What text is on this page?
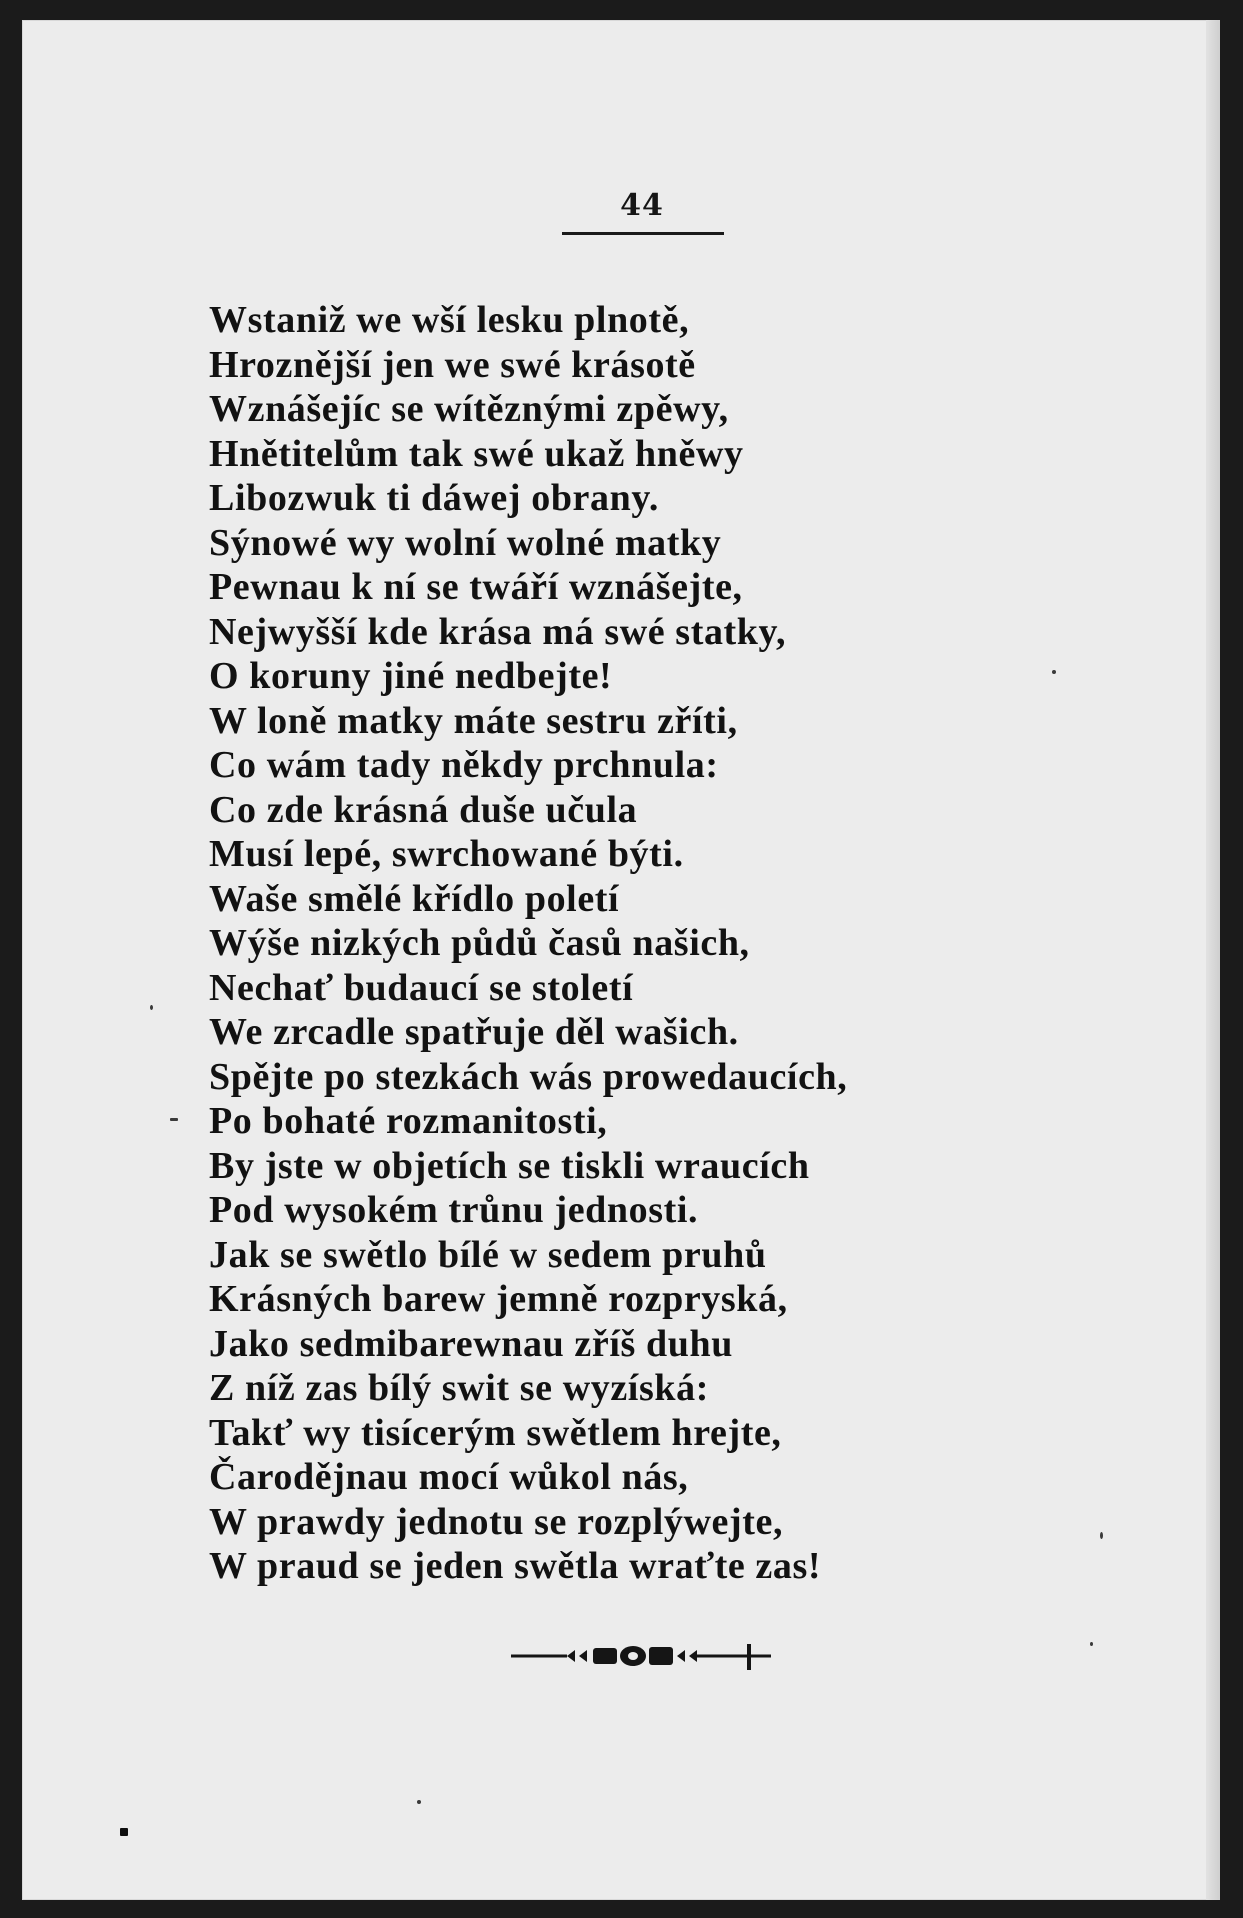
44
Wstaniž we wší lesku plnotě,
Hroznější jen we swé krásotě
Wznášejíc se wítěznými zpěwy,
Hnětitelům tak swé ukaž hněwy
Libozwuk ti dáwej obrany.
Sýnowé wy wolní wolné matky
Pewnau k ní se twáří wznášejte,
Nejwyšší kde krása má swé statky,
O koruny jiné nedbejte!
W loně matky máte sestru zříti,
Co wám tady někdy prchnula:
Co zde krásná duše učula
Musí lepé, swrchowané býti.
Waše smělé křídlo poletí
Wýše nizkých půdů časů našich,
Nechať budaucí se století
We zrcadle spatřuje děl wašich.
Spějte po stezkách wás prowedaucích,
Po bohaté rozmanitosti,
By jste w objetích se tiskli wraucích
Pod wysokém trůnu jednosti.
Jak se swětlo bílé w sedem pruhů
Krásných barew jemně rozpryská,
Jako sedmibarewnau zříš duhu
Z níž zas bílý swit se wyzíská:
Takť wy tisícerým swětlem hrejte,
Čarodějnau mocí wůkol nás,
W prawdy jednotu se rozplýwejte,
W praud se jeden swětla wraťte zas!
